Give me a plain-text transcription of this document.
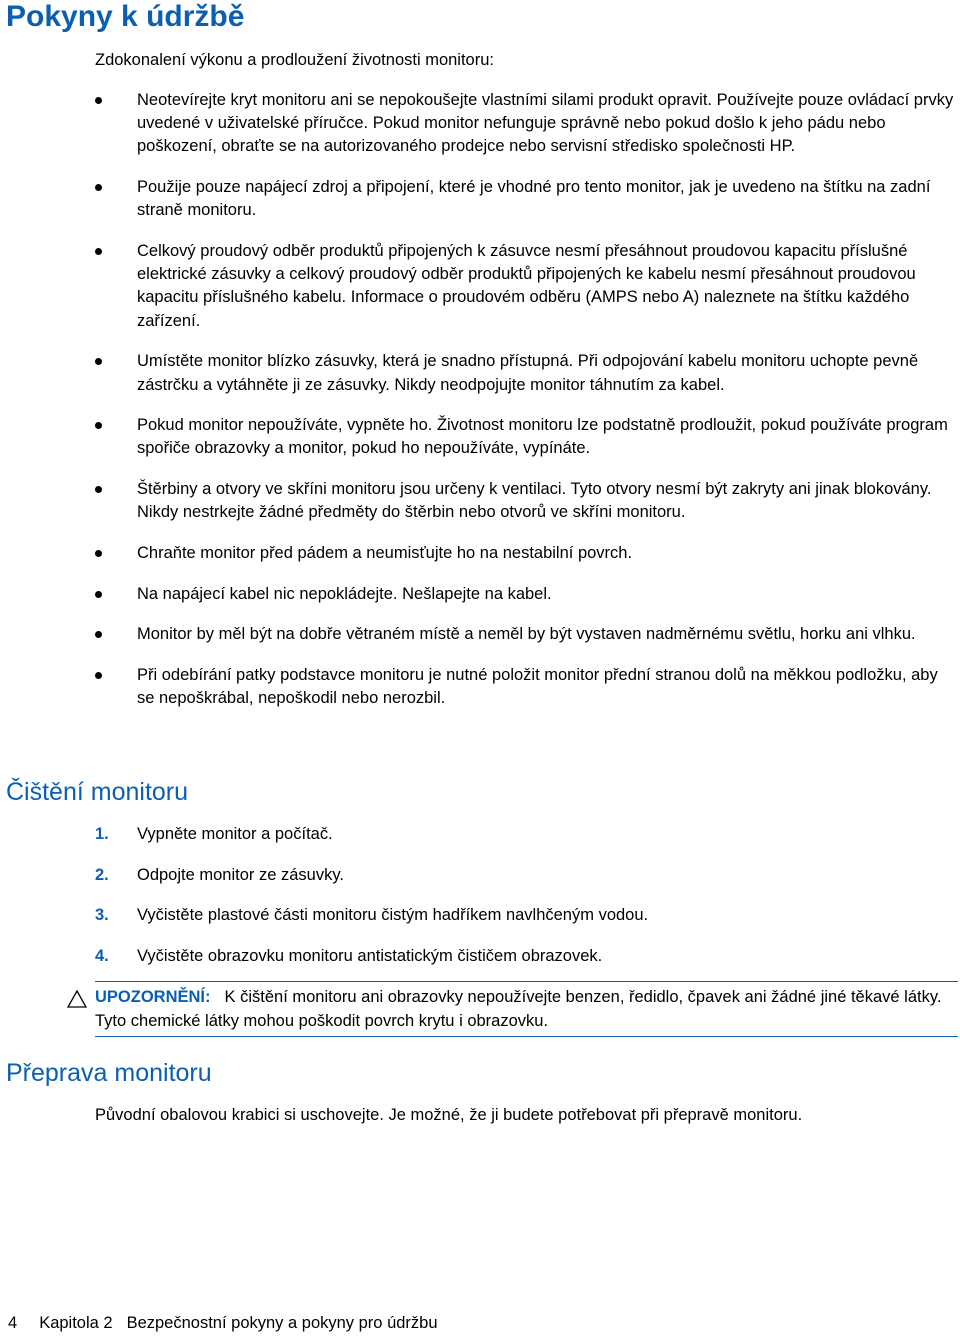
Pokyny k údržbě

Zdokonalení výkonu a prodloužení životnosti monitoru:

Neotevírejte kryt monitoru ani se nepokoušejte vlastními silami produkt opravit. Používejte pouze ovládací prvky uvedené v uživatelské příručce. Pokud monitor nefunguje správně nebo pokud došlo k jeho pádu nebo poškození, obraťte se na autorizovaného prodejce nebo servisní středisko společnosti HP.
Použije pouze napájecí zdroj a připojení, které je vhodné pro tento monitor, jak je uvedeno na štítku na zadní straně monitoru.
Celkový proudový odběr produktů připojených k zásuvce nesmí přesáhnout proudovou kapacitu příslušné elektrické zásuvky a celkový proudový odběr produktů připojených ke kabelu nesmí přesáhnout proudovou kapacitu příslušného kabelu. Informace o proudovém odběru (AMPS nebo A) naleznete na štítku každého zařízení.
Umístěte monitor blízko zásuvky, která je snadno přístupná. Při odpojování kabelu monitoru uchopte pevně zástrčku a vytáhněte ji ze zásuvky. Nikdy neodpojujte monitor táhnutím za kabel.
Pokud monitor nepoužíváte, vypněte ho. Životnost monitoru lze podstatně prodloužit, pokud používáte program spořiče obrazovky a monitor, pokud ho nepoužíváte, vypínáte.
Štěrbiny a otvory ve skříni monitoru jsou určeny k ventilaci. Tyto otvory nesmí být zakryty ani jinak blokovány. Nikdy nestrkejte žádné předměty do štěrbin nebo otvorů ve skříni monitoru.
Chraňte monitor před pádem a neumisťujte ho na nestabilní povrch.
Na napájecí kabel nic nepokládejte. Nešlapejte na kabel.
Monitor by měl být na dobře větraném místě a neměl by být vystaven nadměrnému světlu, horku ani vlhku.
Při odebírání patky podstavce monitoru je nutné položit monitor přední stranou dolů na měkkou podložku, aby se nepoškrábal, nepoškodil nebo nerozbil.
Čištění monitoru
1. Vypněte monitor a počítač.
2. Odpojte monitor ze zásuvky.
3. Vyčistěte plastové části monitoru čistým hadříkem navlhčeným vodou.
4. Vyčistěte obrazovku monitoru antistatickým čističem obrazovek.
UPOZORNĚNÍ: K čištění monitoru ani obrazovky nepoužívejte benzen, ředidlo, čpavek ani žádné jiné těkavé látky. Tyto chemické látky mohou poškodit povrch krytu i obrazovku.
Přeprava monitoru

Původní obalovou krabici si uschovejte. Je možné, že ji budete potřebovat při přepravě monitoru.

4 Kapitola 2 Bezpečnostní pokyny a pokyny pro údržbu
